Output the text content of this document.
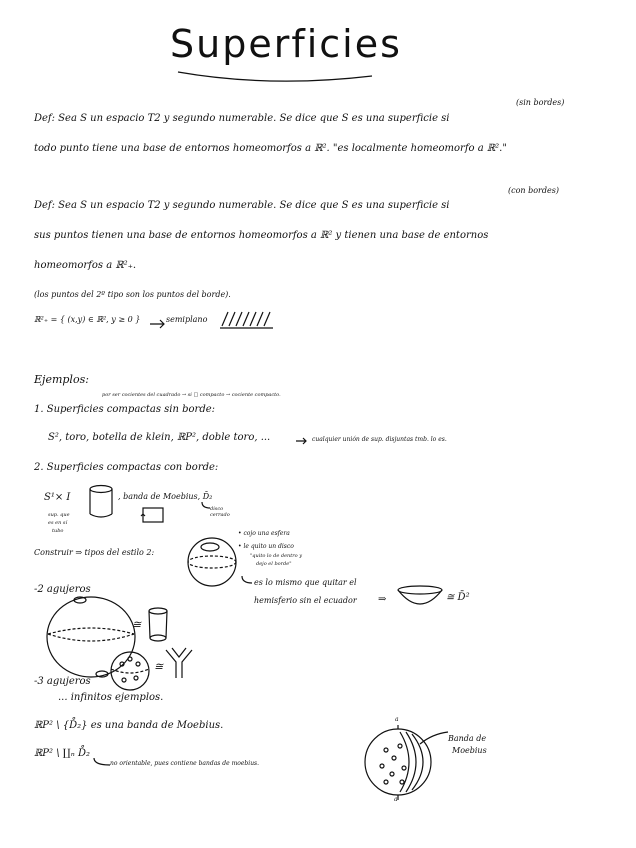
Superficies
(sin bordes)
Def: Sea S un espacio T2 y segundo numerable. Se dice que S es una superficie si
todo punto tiene una base de entornos homeomorfos a ℝ². "es localmente homeomorfo a ℝ²."
(con bordes)
Def: Sea S un espacio T2 y segundo numerable. Se dice que S es una superficie si
sus puntos tienen una base de entornos homeomorfos a ℝ² y tienen una base de entornos
homeomorfos a ℝ²₊.
(los puntos del 2º tipo son los puntos del borde).
ℝ²₊ = { (x,y) ∈ ℝ², y ≥ 0 }	semiplano
Ejemplos:
por ser cocientes del cuadrado → si □ compacto → cociente compacto.
1. Superficies compactas sin borde:
S², toro, botella de klein, ℝP², doble toro, ...	cualquier unión de sup. disjuntas tmb. lo es.
2. Superficies compactas con borde:
S¹× I
sup. que
es en sí
tubo
, banda de Moebius, D̄₂
disco cerrado
Construir ⇒ tipos del estilo 2:
• cojo una esfera
• le quito un disco
"quito lo de dentro y
dejo el borde"
es lo mismo que quitar el
hemisferio sin el ecuador ⇒	≅ D̄²
-2 agujeros
≅
≅
-3 agujeros
... infinitos ejemplos.
ℝP² \ {D̊₂} es una banda de Moebius.
ℝP² \ ∐ₙ D̊₂
no orientable, pues contiene bandas de moebius.
a
a
Banda de
Moebius
